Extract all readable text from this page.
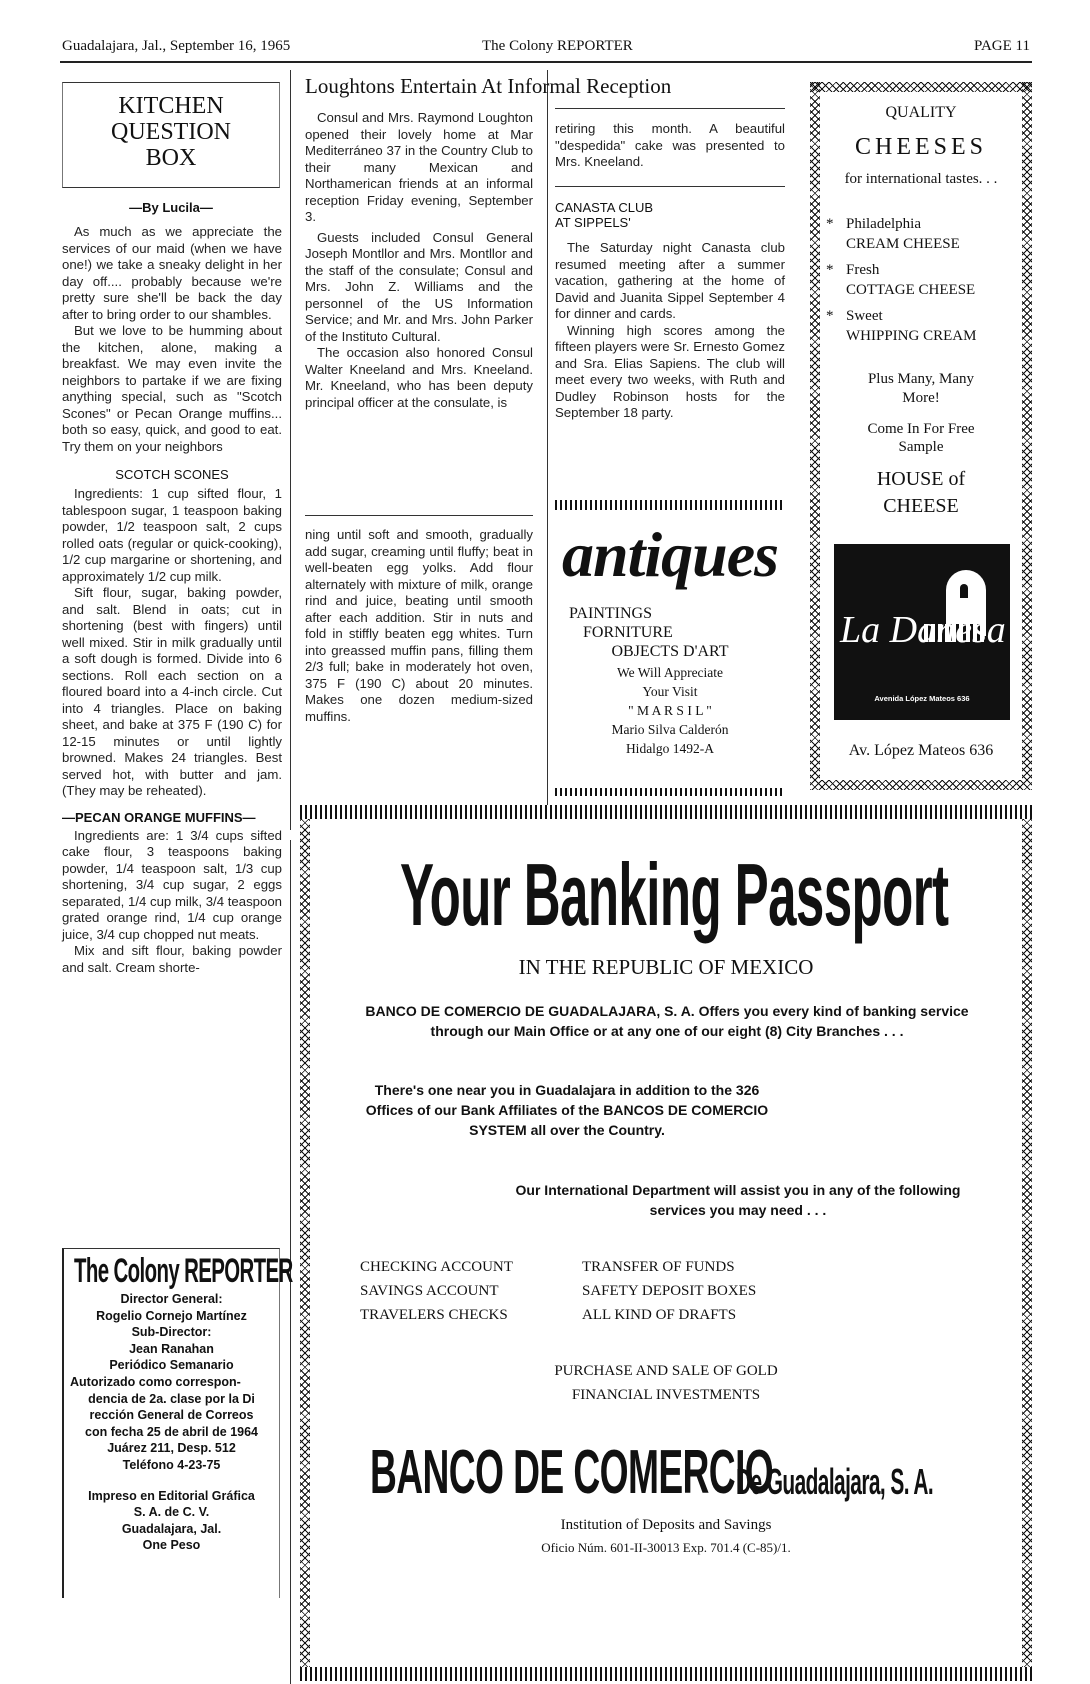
Guadalajara, Jal., September 16, 1965	The Colony REPORTER	PAGE 11
KITCHEN
QUESTION
BOX
—By Lucila—

As much as we appreciate the services of our maid (when we have one!) we take a sneaky delight in her day off.... probably because we're pretty sure she'll be back the day after to bring order to our shambles.

But we love to be humming about the kitchen, alone, making a breakfast. We may even invite the neighbors to partake if we are fixing anything special, such as "Scotch Scones" or Pecan Orange muffins... both so easy, quick, and good to eat. Try them on your neighbors

SCOTCH SCONES

Ingredients: 1 cup sifted flour, 1 tablespoon sugar, 1 teaspoon baking powder, 1/2 teaspoon salt, 2 cups rolled oats (regular or quick-cooking), 1/2 cup margarine or shortening, and approximately 1/2 cup milk.

Sift flour, sugar, baking powder, and salt. Blend in oats; cut in shortening (best with fingers) until well mixed. Stir in milk gradually until a soft dough is formed. Divide into 6 sections. Roll each section on a floured board into a 4-inch circle. Cut into 4 triangles. Place on baking sheet, and bake at 375 F (190 C) for 12-15 minutes or until lightly browned. Makes 24 triangles. Best served hot, with butter and jam. (They may be reheated).

—PECAN ORANGE MUFFINS—

Ingredients are: 1 3/4 cups sifted cake flour, 3 teaspoons baking powder, 1/4 teaspoon salt, 1/3 cup shortening, 3/4 cup sugar, 2 eggs separated, 1/4 cup milk, 3/4 teaspoon grated orange rind, 1/4 cup orange juice, 3/4 cup chopped nut meats.

Mix and sift flour, baking powder and salt. Cream shorte-

The Colony REPORTER
Director General:
Rogelio Cornejo Martínez
Sub-Director:
Jean Ranahan
Periódico Semanario
Autorizado como correspon-
dencia de 2a. clase por la Di
rección General de Correos
con fecha 25 de abril de 1964
Juárez 211, Desp. 512
Teléfono 4-23-75
Impreso en Editorial Gráfica
S. A. de C. V.
Guadalajara, Jal.
One Peso
Loughtons Entertain At Informal Reception

Consul and Mrs. Raymond Loughton opened their lovely home at Mar Mediterráneo 37 in the Country Club to their many Mexican and Northamerican friends at an informal reception Friday evening, September 3.

Guests included Consul General Joseph Montllor and Mrs. Montllor and the staff of the consulate; Consul and Mrs. John Z. Williams and the personnel of the US Information Service; and Mr. and Mrs. John Parker of the Instituto Cultural.

The occasion also honored Consul Walter Kneeland and Mrs. Kneeland. Mr. Kneeland, who has been deputy principal officer at the consulate, is

ning until soft and smooth, gradually add sugar, creaming until fluffy; beat in well-beaten egg yolks. Add flour alternately with mixture of milk, orange rind and juice, beating until smooth after each addition. Stir in nuts and fold in stiffly beaten egg whites. Turn into greassed muffin pans, filling them 2/3 full; bake in moderately hot oven, 375 F (190 C) about 20 minutes. Makes one dozen medium-sized muffins.

retiring this month. A beautiful "despedida" cake was presented to Mrs. Kneeland.

CANASTA CLUB
AT SIPPELS'

The Saturday night Canasta club resumed meeting after a summer vacation, gathering at the home of David and Juanita Sippel September 4 for dinner and cards.

Winning high scores among the fifteen players were Sr. Ernesto Gomez and Sra. Elias Sapiens. The club will meet every two weeks, with Ruth and Dudley Robinson hosts for the September 18 party.

antiques
PAINTINGS
FORNITURE
OBJECTS D'ART
We Will Appreciate
Your Visit
" M A R S I L "
Mario Silva Calderón
Hidalgo 1492-A
QUALITY
CHEESES
for international tastes. . .
* Philadelphia
CREAM CHEESE
* Fresh
COTTAGE CHEESE
* Sweet
WHIPPING CREAM
Plus Many, Many More!
Come In For Free Sample
HOUSE of CHEESE
La Danesa
Avenida López Mateos 636
Av. López Mateos 636
Your Banking Passport
IN THE REPUBLIC OF MEXICO
BANCO DE COMERCIO DE GUADALAJARA, S. A. Offers you every kind of banking service through our Main Office or at any one of our eight (8) City Branches . . .
There's one near you in Guadalajara in addition to the 326 Offices of our Bank Affiliates of the BANCOS DE COMERCIO SYSTEM all over the Country.
Our International Department will assist you in any of the following services you may need . . .
CHECKING ACCOUNT
SAVINGS ACCOUNT
TRAVELERS CHECKS
TRANSFER OF FUNDS
SAFETY DEPOSIT BOXES
ALL KIND OF DRAFTS
PURCHASE AND SALE OF GOLD
FINANCIAL INVESTMENTS
BANCO DE COMERCIO
De Guadalajara, S. A.
Institution of Deposits and Savings
Oficio Núm. 601-II-30013 Exp. 701.4 (C-85)/1.
